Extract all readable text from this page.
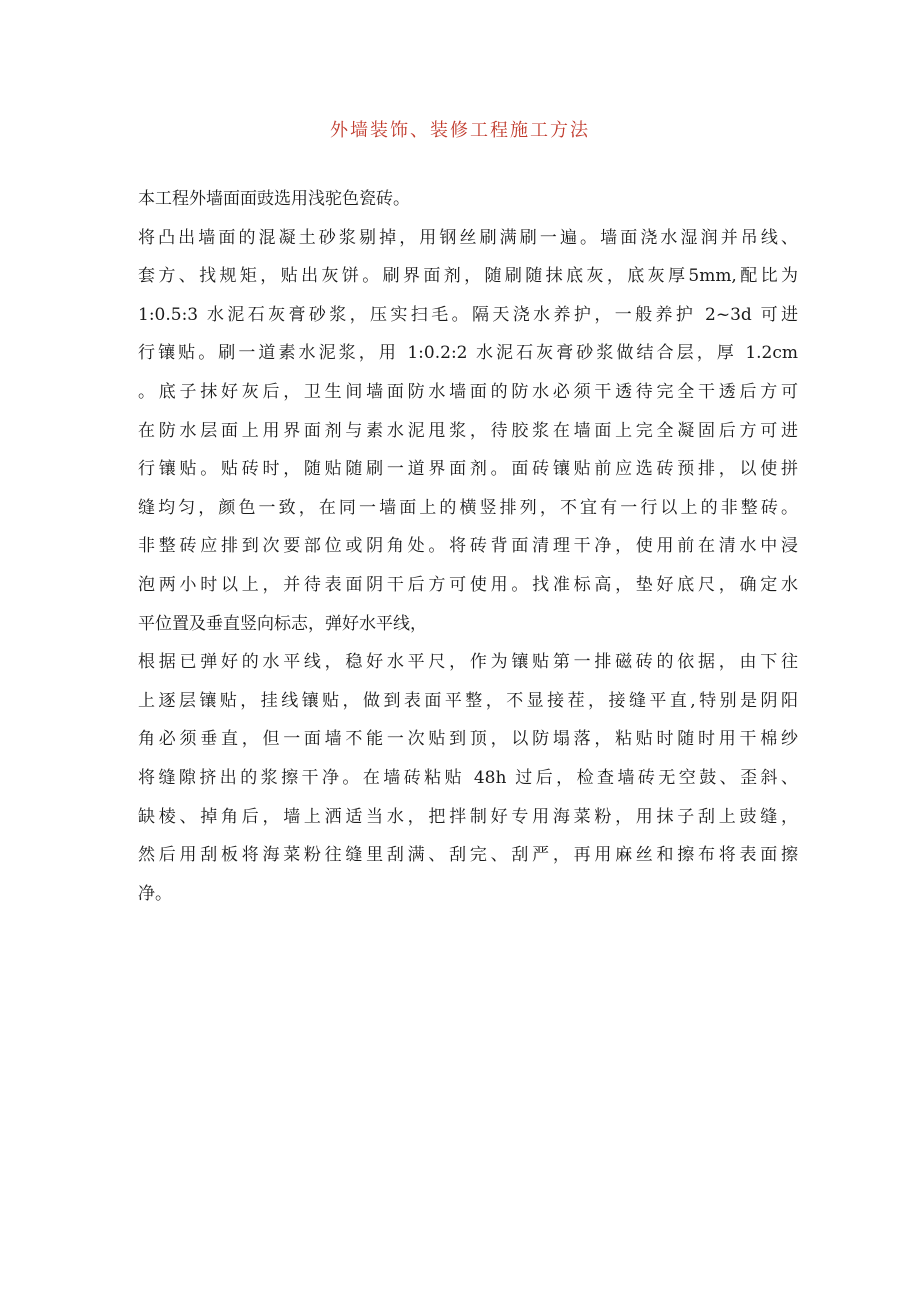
外墙装饰、装修工程施工方法
本工程外墙面面豉选用浅驼色瓷砖。
将凸出墙面的混凝土砂浆剔掉，用钢丝刷满刷一遍。墙面浇水湿润并吊线、
套方、找规矩，贴出灰饼。刷界面剂，随刷随抹底灰，底灰厚5mm,配比为
1:0.5:3 水泥石灰膏砂浆，压实扫毛。隔天浇水养护，一般养护 2~3d 可进
行镶贴。刷一道素水泥浆，用 1:0.2:2 水泥石灰膏砂浆做结合层，厚 1.2cm
。底子抹好灰后，卫生间墙面防水墙面的防水必须干透待完全干透后方可
在防水层面上用界面剂与素水泥甩浆，待胶浆在墙面上完全凝固后方可进
行镶贴。贴砖时，随贴随刷一道界面剂。面砖镶贴前应选砖预排，以使拼
缝均匀，颜色一致，在同一墙面上的横竖排列，不宜有一行以上的非整砖。
非整砖应排到次要部位或阴角处。将砖背面清理干净，使用前在清水中浸
泡两小时以上，并待表面阴干后方可使用。找准标高，垫好底尺，确定水
平位置及垂直竖向标志，弹好水平线，
根据已弹好的水平线，稳好水平尺，作为镶贴第一排磁砖的依据，由下往
上逐层镶贴，挂线镶贴，做到表面平整，不显接茬，接缝平直,特别是阴阳
角必须垂直，但一面墙不能一次贴到顶，以防塌落，粘贴时随时用干棉纱
将缝隙挤出的浆擦干净。在墙砖粘贴 48h 过后，检查墙砖无空鼓、歪斜、
缺棱、掉角后，墙上洒适当水，把拌制好专用海菜粉，用抹子刮上豉缝，
然后用刮板将海菜粉往缝里刮满、刮完、刮严，再用麻丝和擦布将表面擦
净。
